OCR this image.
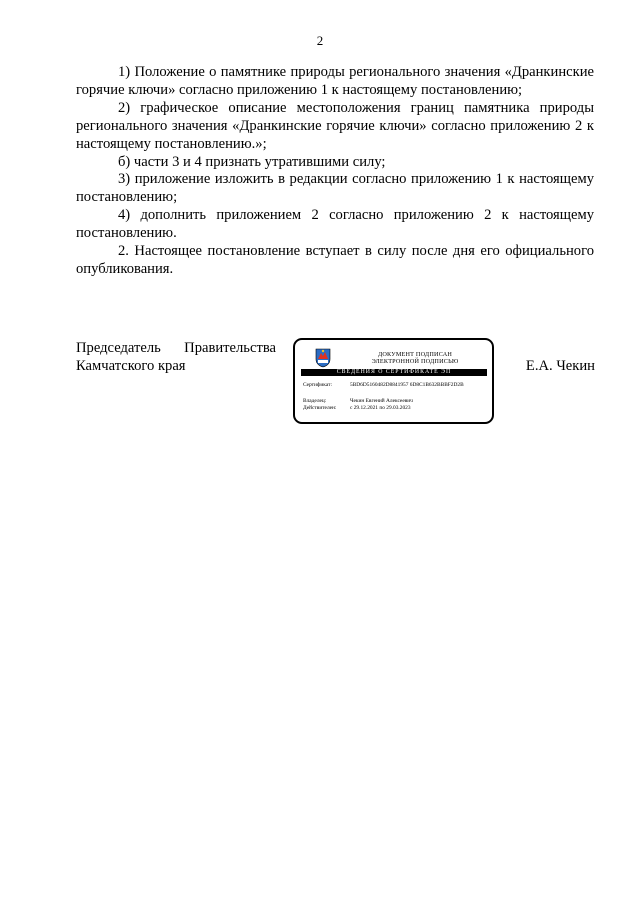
2

1) Положение о памятнике природы регионального значения «Дранкинские горячие ключи» согласно приложению 1 к настоящему постановлению;

2) графическое описание местоположения границ памятника природы регионального значения «Дранкинские горячие ключи» согласно приложению 2 к настоящему постановлению.»;

б) части 3 и 4 признать утратившими силу;

3) приложение изложить в редакции согласно приложению 1 к настоящему постановлению;

4) дополнить приложением 2 согласно приложению 2 к настоящему постановлению.

2. Настоящее постановление вступает в силу после дня его официального опубликования.

Председатель Правительства
Камчатского края
ДОКУМЕНТ ПОДПИСАН
ЭЛЕКТРОННОЙ ПОДПИСЬЮ
СВЕДЕНИЯ О СЕРТИФИКАТЕ ЭП
Сертификат:	5BD6D5160482D8841957 6D8C1B632BBBF2D2B
Владелец:	Чекин Евгений Алексеевич
Действителен:	с 29.12.2021 по 29.03.2023
Е.А. Чекин
